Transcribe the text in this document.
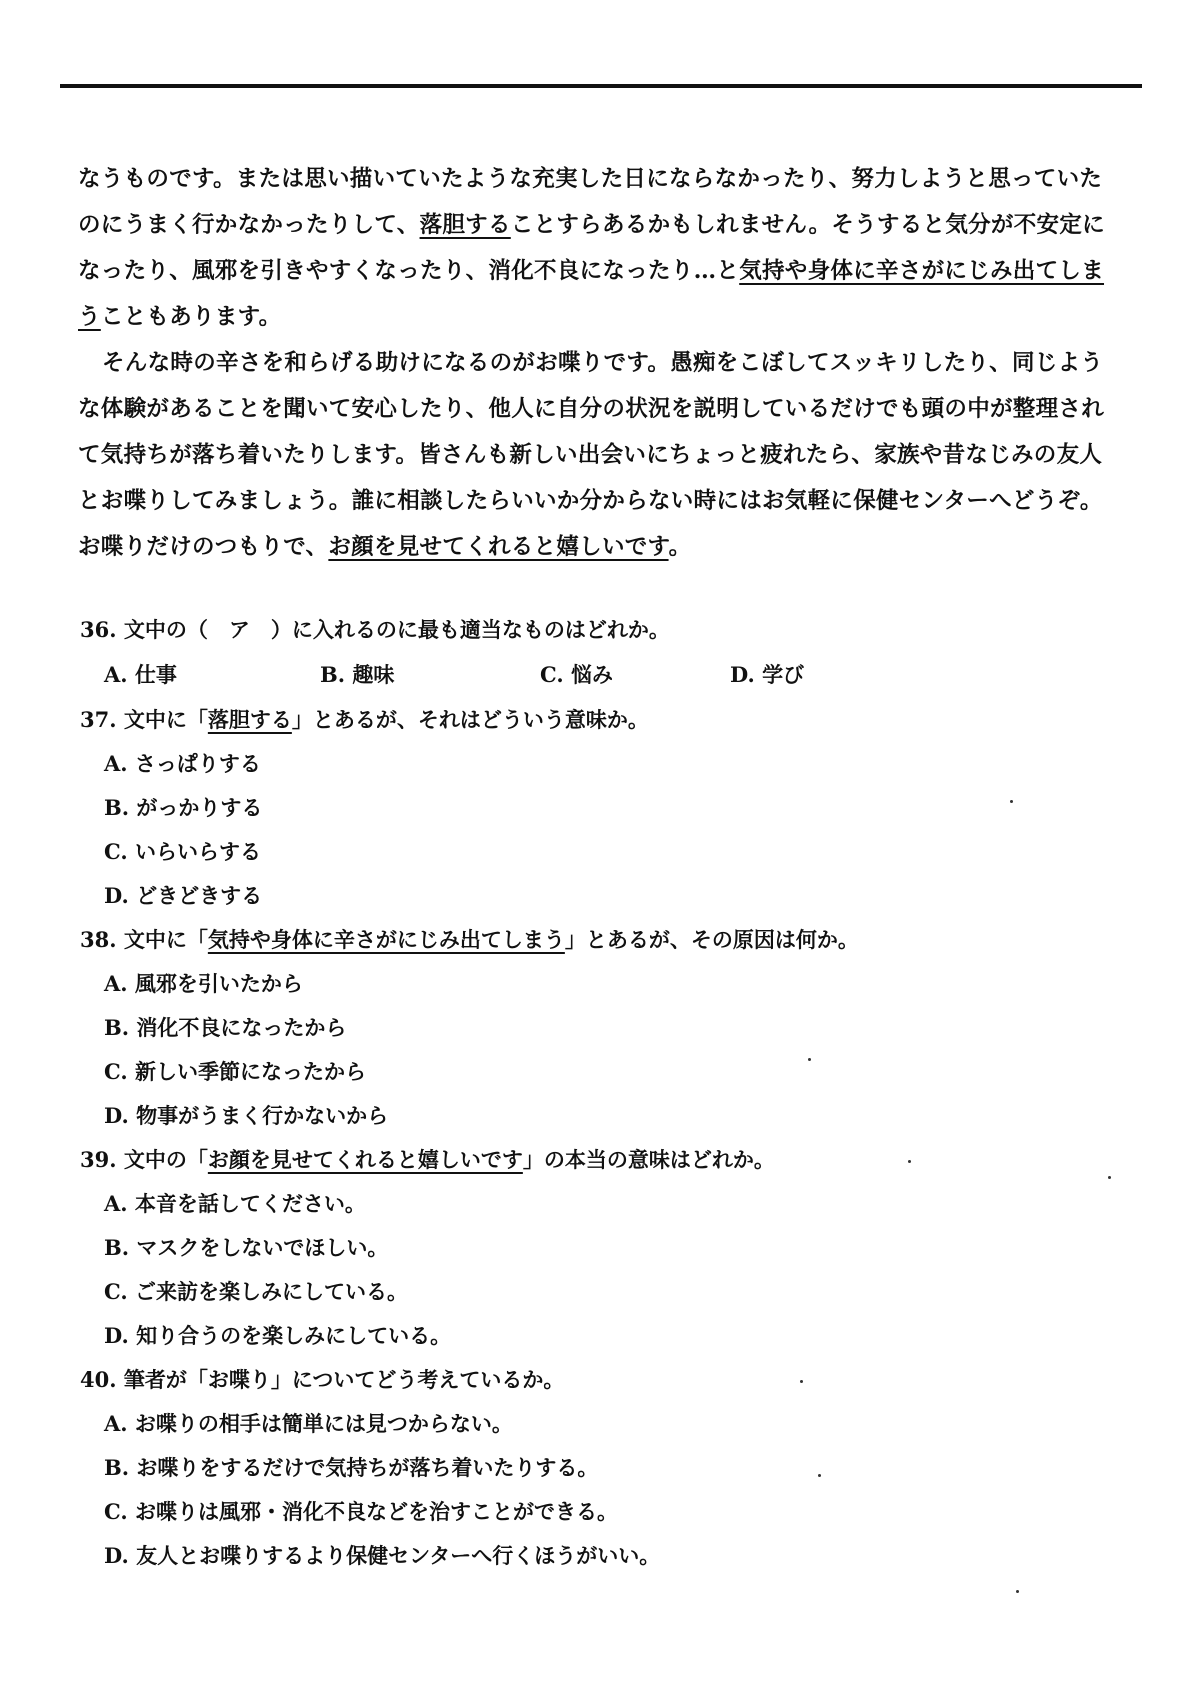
なうものです。または思い描いていたような充実した日にならなかったり、努力しようと思っていた
のにうまく行かなかったりして、落胆することすらあるかもしれません。そうすると気分が不安定に
なったり、風邪を引きやすくなったり、消化不良になったり…と気持や身体に辛さがにじみ出てしま
うこともあります。
そんな時の辛さを和らげる助けになるのがお喋りです。愚痴をこぼしてスッキリしたり、同じよう
な体験があることを聞いて安心したり、他人に自分の状況を説明しているだけでも頭の中が整理され
て気持ちが落ち着いたりします。皆さんも新しい出会いにちょっと疲れたら、家族や昔なじみの友人
とお喋りしてみましょう。誰に相談したらいいか分からない時にはお気軽に保健センターへどうぞ。
お喋りだけのつもりで、お顔を見せてくれると嬉しいです。
36. 文中の（　ア　）に入れるのに最も適当なものはどれか。
A. 仕事	B. 趣味	C. 悩み	D. 学び
37. 文中に「落胆する」とあるが、それはどういう意味か。
A. さっぱりする
B. がっかりする
C. いらいらする
D. どきどきする
38. 文中に「気持や身体に辛さがにじみ出てしまう」とあるが、その原因は何か。
A. 風邪を引いたから
B. 消化不良になったから
C. 新しい季節になったから
D. 物事がうまく行かないから
39. 文中の「お顔を見せてくれると嬉しいです」の本当の意味はどれか。
A. 本音を話してください。
B. マスクをしないでほしい。
C. ご来訪を楽しみにしている。
D. 知り合うのを楽しみにしている。
40. 筆者が「お喋り」についてどう考えているか。
A. お喋りの相手は簡単には見つからない。
B. お喋りをするだけで気持ちが落ち着いたりする。
C. お喋りは風邪・消化不良などを治すことができる。
D. 友人とお喋りするより保健センターへ行くほうがいい。
